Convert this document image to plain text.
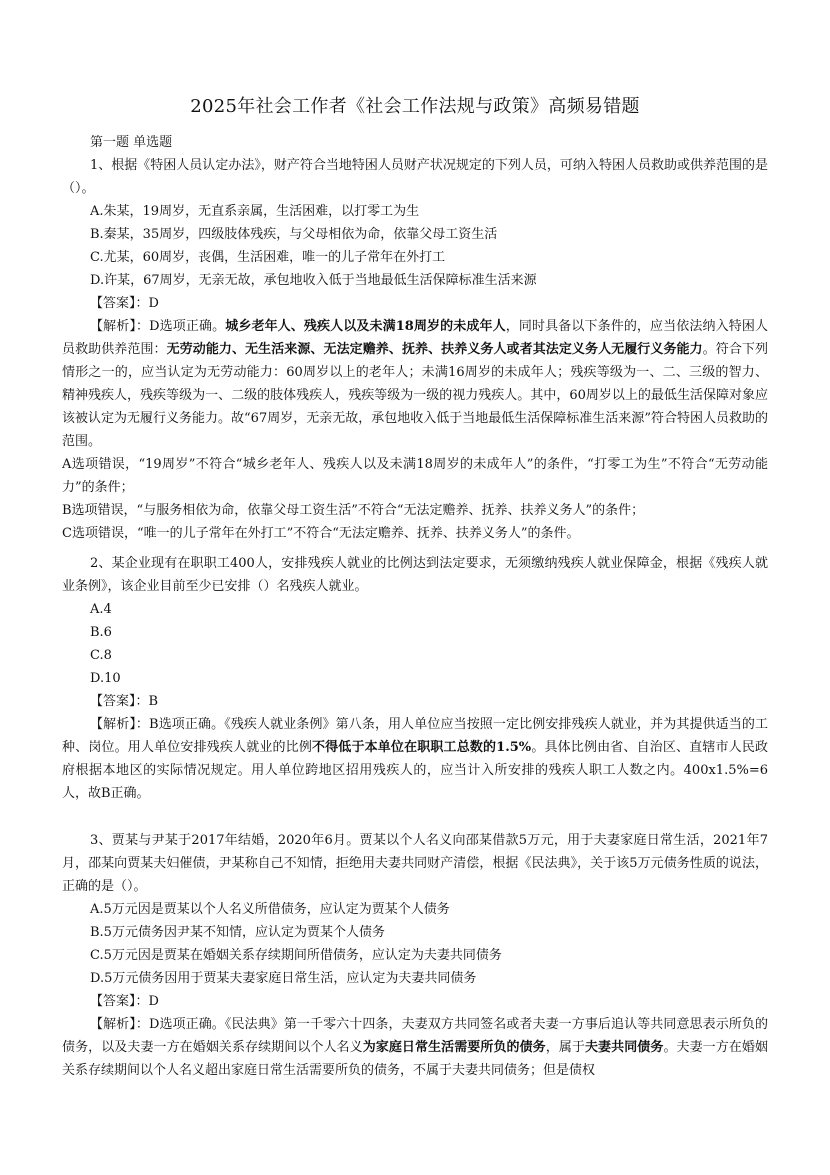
2025年社会工作者《社会工作法规与政策》高频易错题

第一题 单选题

1、根据《特困人员认定办法》，财产符合当地特困人员财产状况规定的下列人员，可纳入特困人员救助或供养范围的是（）。

A.朱某，19周岁，无直系亲属，生活困难，以打零工为生

B.秦某，35周岁，四级肢体残疾，与父母相依为命，依靠父母工资生活

C.尤某，60周岁，丧偶，生活困难，唯一的儿子常年在外打工

D.许某，67周岁，无亲无故，承包地收入低于当地最低生活保障标准生活来源

【答案】：D

【解析】：D选项正确。城乡老年人、残疾人以及未满18周岁的未成年人，同时具备以下条件的，应当依法纳入特困人员救助供养范围：无劳动能力、无生活来源、无法定赡养、抚养、扶养义务人或者其法定义务人无履行义务能力。符合下列情形之一的，应当认定为无劳动能力：60周岁以上的老年人；未满16周岁的未成年人；残疾等级为一、二、三级的智力、精神残疾人，残疾等级为一、二级的肢体残疾人，残疾等级为一级的视力残疾人。其中，60周岁以上的最低生活保障对象应该被认定为无履行义务能力。故“67周岁，无亲无故，承包地收入低于当地最低生活保障标准生活来源”符合特困人员救助的范围。

A选项错误，“19周岁”不符合“城乡老年人、残疾人以及未满18周岁的未成年人”的条件，“打零工为生”不符合“无劳动能力”的条件；

B选项错误，“与服务相依为命，依靠父母工资生活”不符合“无法定赡养、抚养、扶养义务人”的条件；

C选项错误，“唯一的儿子常年在外打工”不符合“无法定赡养、抚养、扶养义务人”的条件。

2、某企业现有在职职工400人，安排残疾人就业的比例达到法定要求，无须缴纳残疾人就业保障金，根据《残疾人就业条例》，该企业目前至少已安排（）名残疾人就业。

A.4

B.6

C.8

D.10

【答案】：B

【解析】：B选项正确。《残疾人就业条例》第八条，用人单位应当按照一定比例安排残疾人就业，并为其提供适当的工种、岗位。用人单位安排残疾人就业的比例不得低于本单位在职职工总数的1.5%。具体比例由省、自治区、直辖市人民政府根据本地区的实际情况规定。用人单位跨地区招用残疾人的，应当计入所安排的残疾人职工人数之内。400x1.5%=6人，故B正确。

3、贾某与尹某于2017年结婚，2020年6月。贾某以个人名义向邵某借款5万元，用于夫妻家庭日常生活，2021年7月，邵某向贾某夫妇催债，尹某称自己不知情，拒绝用夫妻共同财产清偿，根据《民法典》，关于该5万元债务性质的说法，正确的是（）。

A.5万元因是贾某以个人名义所借债务，应认定为贾某个人债务

B.5万元债务因尹某不知情，应认定为贾某个人债务

C.5万元因是贾某在婚姻关系存续期间所借债务，应认定为夫妻共同债务

D.5万元债务因用于贾某夫妻家庭日常生活，应认定为夫妻共同债务

【答案】：D

【解析】：D选项正确。《民法典》第一千零六十四条，夫妻双方共同签名或者夫妻一方事后追认等共同意思表示所负的债务，以及夫妻一方在婚姻关系存续期间以个人名义为家庭日常生活需要所负的债务，属于夫妻共同债务。夫妻一方在婚姻关系存续期间以个人名义超出家庭日常生活需要所负的债务，不属于夫妻共同债务；但是债权
